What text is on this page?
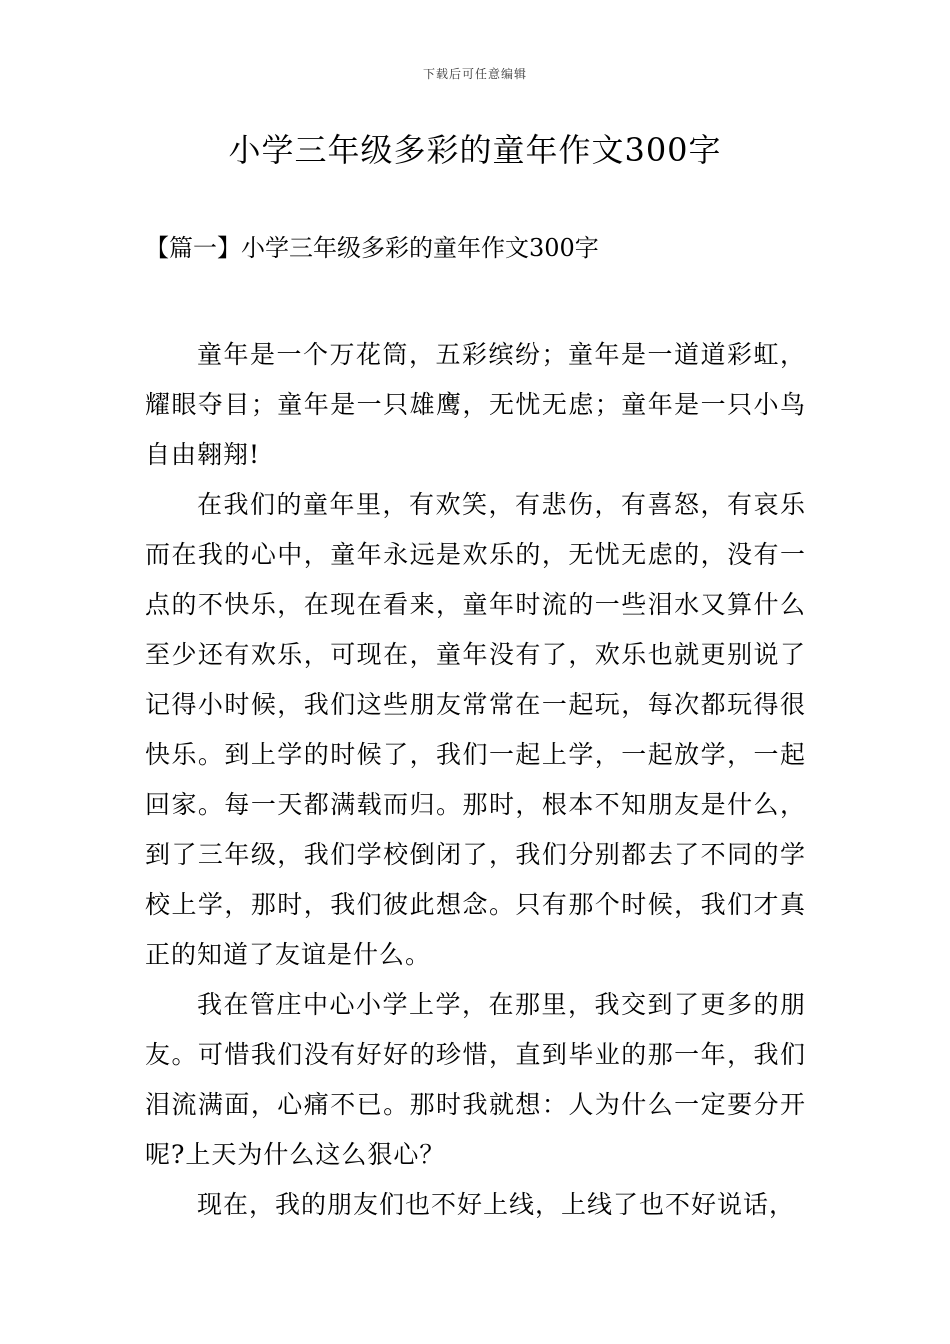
下载后可任意编辑
小学三年级多彩的童年作文300字
【篇一】小学三年级多彩的童年作文300字

童年是一个万花筒，五彩缤纷；童年是一道道彩虹，耀眼夺目；童年是一只雄鹰，无忧无虑；童年是一只小鸟自由翱翔!

在我们的童年里，有欢笑，有悲伤，有喜怒，有哀乐而在我的心中，童年永远是欢乐的，无忧无虑的，没有一点的不快乐，在现在看来，童年时流的一些泪水又算什么至少还有欢乐，可现在，童年没有了，欢乐也就更别说了记得小时候，我们这些朋友常常在一起玩，每次都玩得很快乐。到上学的时候了，我们一起上学，一起放学，一起回家。每一天都满载而归。那时，根本不知朋友是什么，到了三年级，我们学校倒闭了，我们分别都去了不同的学校上学，那时，我们彼此想念。只有那个时候，我们才真正的知道了友谊是什么。

我在管庄中心小学上学，在那里，我交到了更多的朋友。可惜我们没有好好的珍惜，直到毕业的那一年，我们泪流满面，心痛不已。那时我就想：人为什么一定要分开呢?上天为什么这么狠心？

现在，我的朋友们也不好上线，上线了也不好说话，
